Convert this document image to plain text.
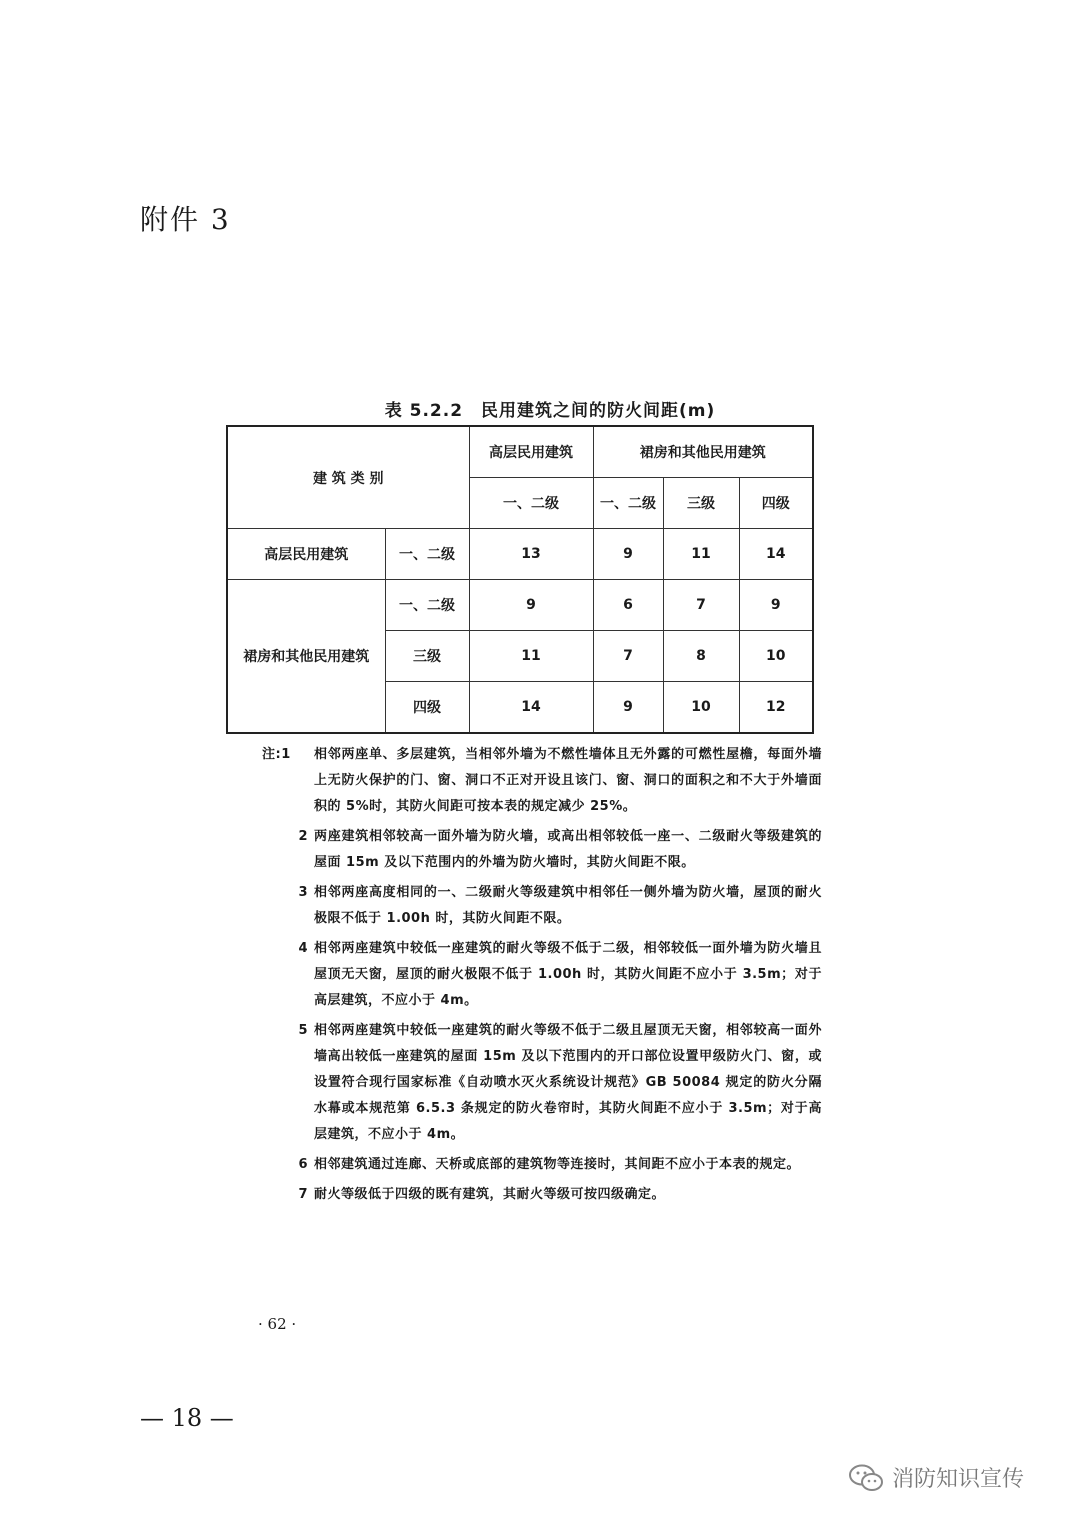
附件 3
表 5.2.2　民用建筑之间的防火间距(m)
建 筑 类 别		高层民用建筑	裙房和其他民用建筑		
		一、二级	一、二级	三级	四级
高层民用建筑	一、二级	13	9	11	14
裙房和其他民用建筑	一、二级	9	6	7	9
	三级	11	7	8	10
	四级	14	9	10	12
注:1	相邻两座单、多层建筑，当相邻外墙为不燃性墙体且无外露的可燃性屋檐，每面外墙上无防火保护的门、窗、洞口不正对开设且该门、窗、洞口的面积之和不大于外墙面积的 5%时，其防火间距可按本表的规定减少 25%。
2 两座建筑相邻较高一面外墙为防火墙，或高出相邻较低一座一、二级耐火等级建筑的屋面 15m 及以下范围内的外墙为防火墙时，其防火间距不限。
3 相邻两座高度相同的一、二级耐火等级建筑中相邻任一侧外墙为防火墙，屋顶的耐火极限不低于 1.00h 时，其防火间距不限。
4 相邻两座建筑中较低一座建筑的耐火等级不低于二级，相邻较低一面外墙为防火墙且屋顶无天窗，屋顶的耐火极限不低于 1.00h 时，其防火间距不应小于 3.5m；对于高层建筑，不应小于 4m。
5 相邻两座建筑中较低一座建筑的耐火等级不低于二级且屋顶无天窗，相邻较高一面外墙高出较低一座建筑的屋面 15m 及以下范围内的开口部位设置甲级防火门、窗，或设置符合现行国家标准《自动喷水灭火系统设计规范》GB 50084 规定的防火分隔水幕或本规范第 6.5.3 条规定的防火卷帘时，其防火间距不应小于 3.5m；对于高层建筑，不应小于 4m。
6 相邻建筑通过连廊、天桥或底部的建筑物等连接时，其间距不应小于本表的规定。
7 耐火等级低于四级的既有建筑，其耐火等级可按四级确定。
· 62 ·
— 18 —
消防知识宣传
